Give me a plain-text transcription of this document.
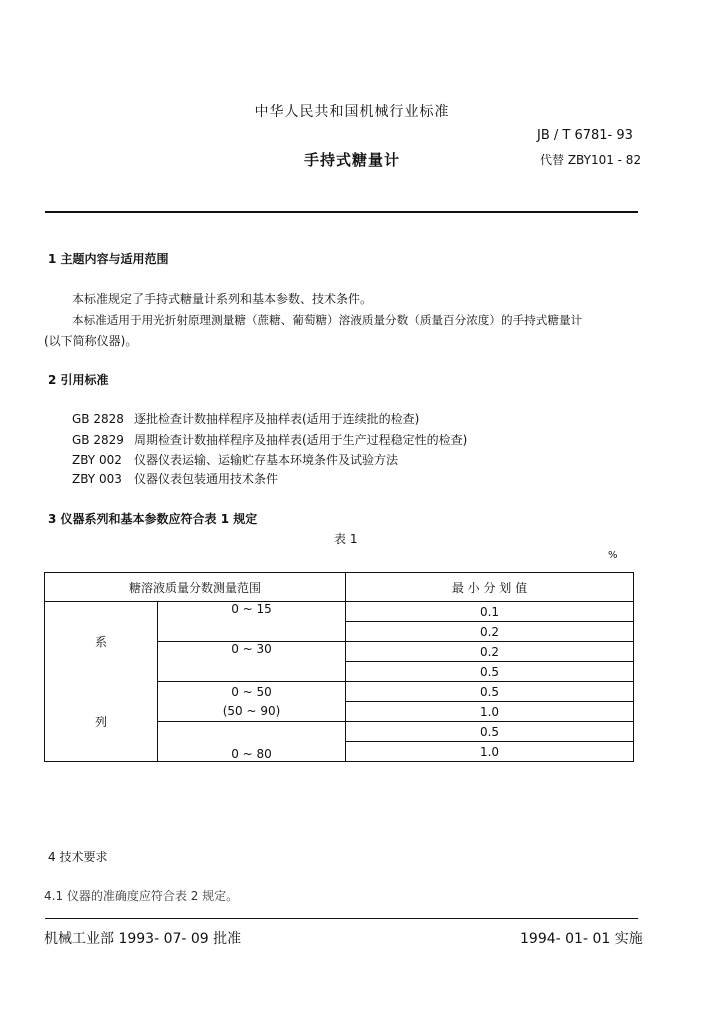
中华人民共和国机械行业标准
JB / T 6781- 93
手持式糖量计	代替 ZBY101 - 82
1 主题内容与适用范围
本标准规定了手持式糖量计系列和基本参数、技术条件。
本标准适用于用光折射原理测量糖（蔗糖、葡萄糖）溶液质量分数（质量百分浓度）的手持式糖量计
(以下简称仪器)。
2 引用标准
GB 2828 逐批检查计数抽样程序及抽样表(适用于连续批的检查)
GB 2829 周期检查计数抽样程序及抽样表(适用于生产过程稳定性的检查)
ZBY 002 仪器仪表运输、运输贮存基本环境条件及试验方法
ZBY 003 仪器仪表包装通用技术条件
3 仪器系列和基本参数应符合表 1 规定
表 1
%
糖溶液质量分数测量范围		最 小 分 划 值
系	0 ~ 15	0.1
		0.2
	0 ~ 30	0.2
		0.5
列	0 ~ 50	0.5
	(50 ~ 90)	1.0
	0 ~ 80	0.5
		1.0
4 技术要求
4.1 仪器的准确度应符合表 2 规定。
机械工业部 1993- 07- 09 批准	1994- 01- 01 实施
